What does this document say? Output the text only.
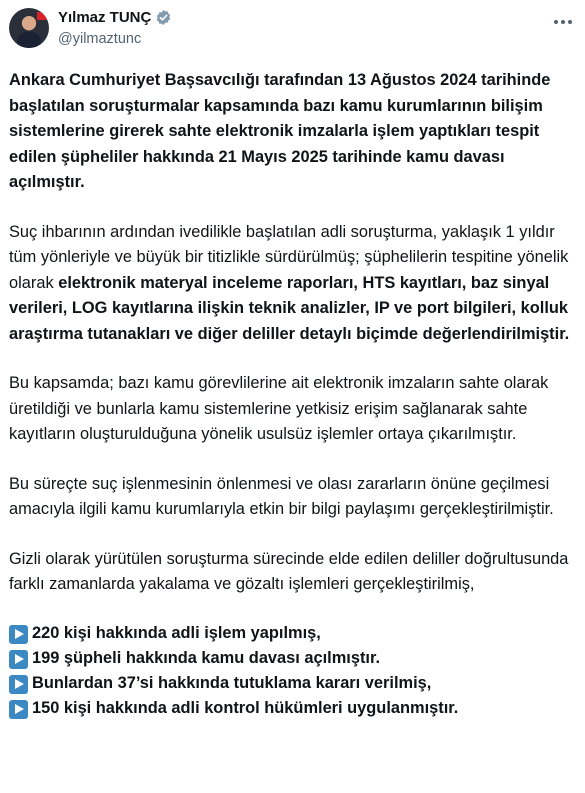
Yılmaz TUNÇ
@yilmaztunc

Ankara Cumhuriyet Başsavcılığı tarafından 13 Ağustos 2024 tarihinde başlatılan soruşturmalar kapsamında bazı kamu kurumlarının bilişim sistemlerine girerek sahte elektronik imzalarla işlem yaptıkları tespit edilen şüpheliler hakkında 21 Mayıs 2025 tarihinde kamu davası açılmıştır.

Suç ihbarının ardından ivedilikle başlatılan adli soruşturma, yaklaşık 1 yıldır tüm yönleriyle ve büyük bir titizlikle sürdürülmüş; şüphelilerin tespitine yönelik olarak elektronik materyal inceleme raporları, HTS kayıtları, baz sinyal verileri, LOG kayıtlarına ilişkin teknik analizler, IP ve port bilgileri, kolluk araştırma tutanakları ve diğer deliller detaylı biçimde değerlendirilmiştir.

Bu kapsamda; bazı kamu görevlilerine ait elektronik imzaların sahte olarak üretildiği ve bunlarla kamu sistemlerine yetkisiz erişim sağlanarak sahte kayıtların oluşturulduğuna yönelik usulsüz işlemler ortaya çıkarılmıştır.

Bu süreçte suç işlenmesinin önlenmesi ve olası zararların önüne geçilmesi amacıyla ilgili kamu kurumlarıyla etkin bir bilgi paylaşımı gerçekleştirilmiştir.

Gizli olarak yürütülen soruşturma sürecinde elde edilen deliller doğrultusunda farklı zamanlarda yakalama ve gözaltı işlemleri gerçekleştirilmiş,

220 kişi hakkında adli işlem yapılmış,
199 şüpheli hakkında kamu davası açılmıştır.
Bunlardan 37’si hakkında tutuklama kararı verilmiş,
150 kişi hakkında adli kontrol hükümleri uygulanmıştır.
